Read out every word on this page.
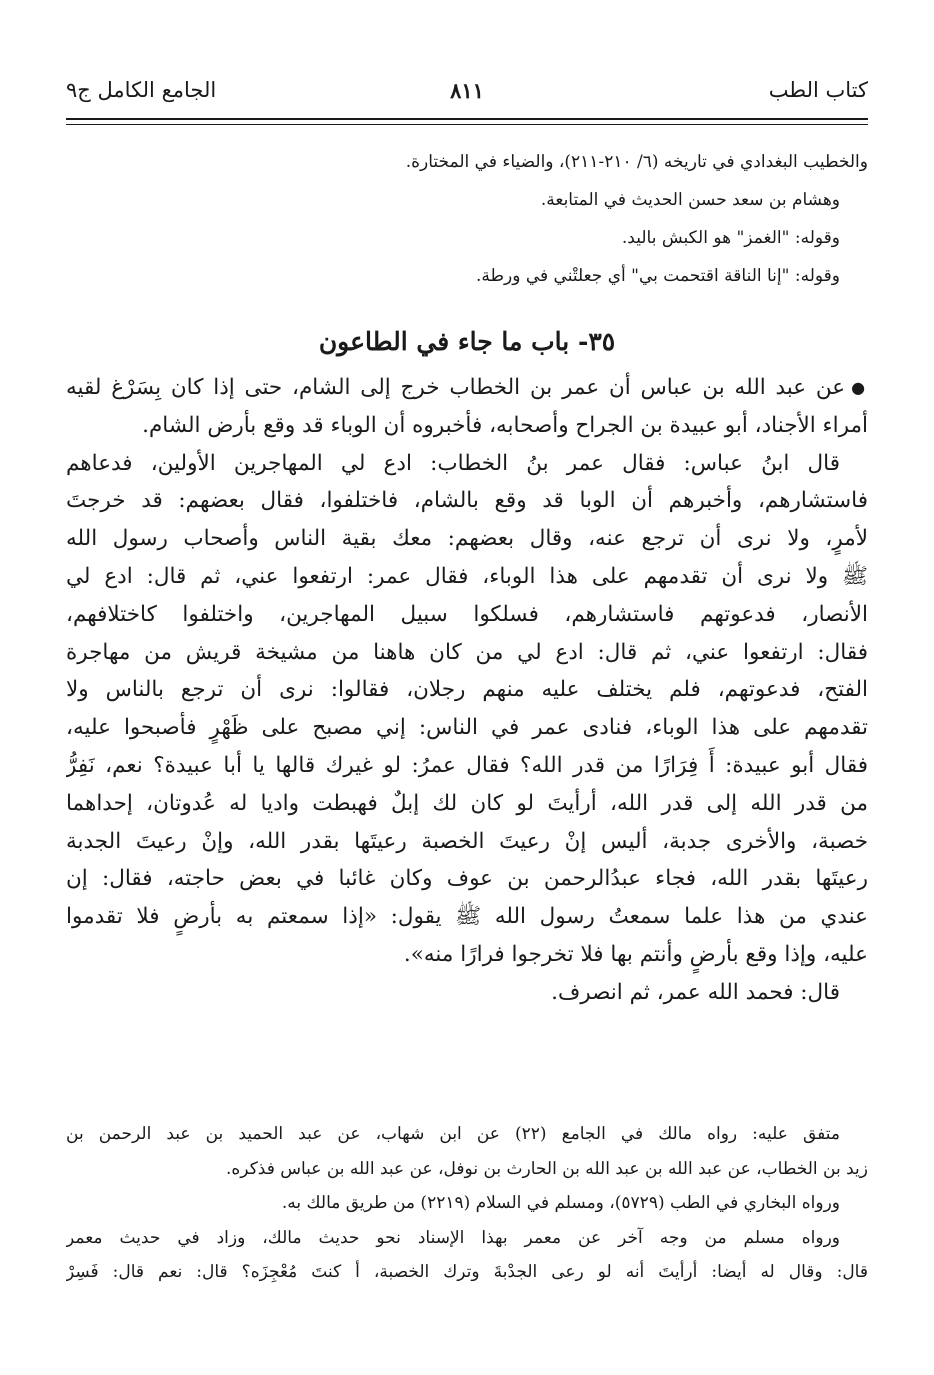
كتاب الطب
٨١١
الجامع الكامل ج٩
والخطيب البغدادي في تاريخه (٦/ ٢١٠-٢١١)، والضياء في المختارة.
وهشام بن سعد حسن الحديث في المتابعة.
وقوله: "الغمز" هو الكبش باليد.
وقوله: "إنا الناقة اقتحمت بي" أي جعلتْني في ورطة.
٣٥- باب ما جاء في الطاعون
●عن عبد الله بن عباس أن عمر بن الخطاب خرج إلى الشام، حتى إذا كان بِسَرْغ لقيه
أمراء الأجناد، أبو عبيدة بن الجراح وأصحابه، فأخبروه أن الوباء قد وقع بأرض الشام.
قال ابنُ عباس: فقال عمر بنُ الخطاب: ادع لي المهاجرين الأولين، فدعاهم
فاستشارهم، وأخبرهم أن الوبا قد وقع بالشام، فاختلفوا، فقال بعضهم: قد خرجتَ
لأمرٍ، ولا نرى أن ترجع عنه، وقال بعضهم: معك بقية الناس وأصحاب رسول الله
ﷺ ولا نرى أن تقدمهم على هذا الوباء، فقال عمر: ارتفعوا عني، ثم قال: ادع لي
الأنصار، فدعوتهم فاستشارهم، فسلكوا سبيل المهاجرين، واختلفوا كاختلافهم،
فقال: ارتفعوا عني، ثم قال: ادع لي من كان هاهنا من مشيخة قريش من مهاجرة
الفتح، فدعوتهم، فلم يختلف عليه منهم رجلان، فقالوا: نرى أن ترجع بالناس ولا
تقدمهم على هذا الوباء، فنادى عمر في الناس: إني مصبح على ظَهْرٍ فأصبحوا عليه،
فقال أبو عبيدة: أَ فِرَارًا من قدر الله؟ فقال عمرُ: لو غيرك قالها يا أبا عبيدة؟ نعم، نَفِرُّ
من قدر الله إلى قدر الله، أرأيتَ لو كان لك إبلٌ فهبطت واديا له عُدوتان، إحداهما
خصبة، والأخرى جدبة، أليس إنْ رعيتَ الخصبة رعيتَها بقدر الله، وإنْ رعيتَ الجدبة
رعيتَها بقدر الله، فجاء عبدُالرحمن بن عوف وكان غائبا في بعض حاجته، فقال: إن
عندي من هذا علما سمعتُ رسول الله ﷺ يقول: «إذا سمعتم به بأرضٍ فلا تقدموا
عليه، وإذا وقع بأرضٍ وأنتم بها فلا تخرجوا فرارًا منه».
قال: فحمد الله عمر، ثم انصرف.
متفق عليه: رواه مالك في الجامع (٢٢) عن ابن شهاب، عن عبد الحميد بن عبد الرحمن بن
زيد بن الخطاب، عن عبد الله بن عبد الله بن الحارث بن نوفل، عن عبد الله بن عباس فذكره.
ورواه البخاري في الطب (٥٧٢٩)، ومسلم في السلام (٢٢١٩) من طريق مالك به.
ورواه مسلم من وجه آخر عن معمر بهذا الإسناد نحو حديث مالك، وزاد في حديث معمر
قال: وقال له أيضا: أرأيتَ أنه لو رعى الجدْبةَ وترك الخصبة، أ كنتَ مُعْجِزَه؟ قال: نعم قال: فَسِرْ
